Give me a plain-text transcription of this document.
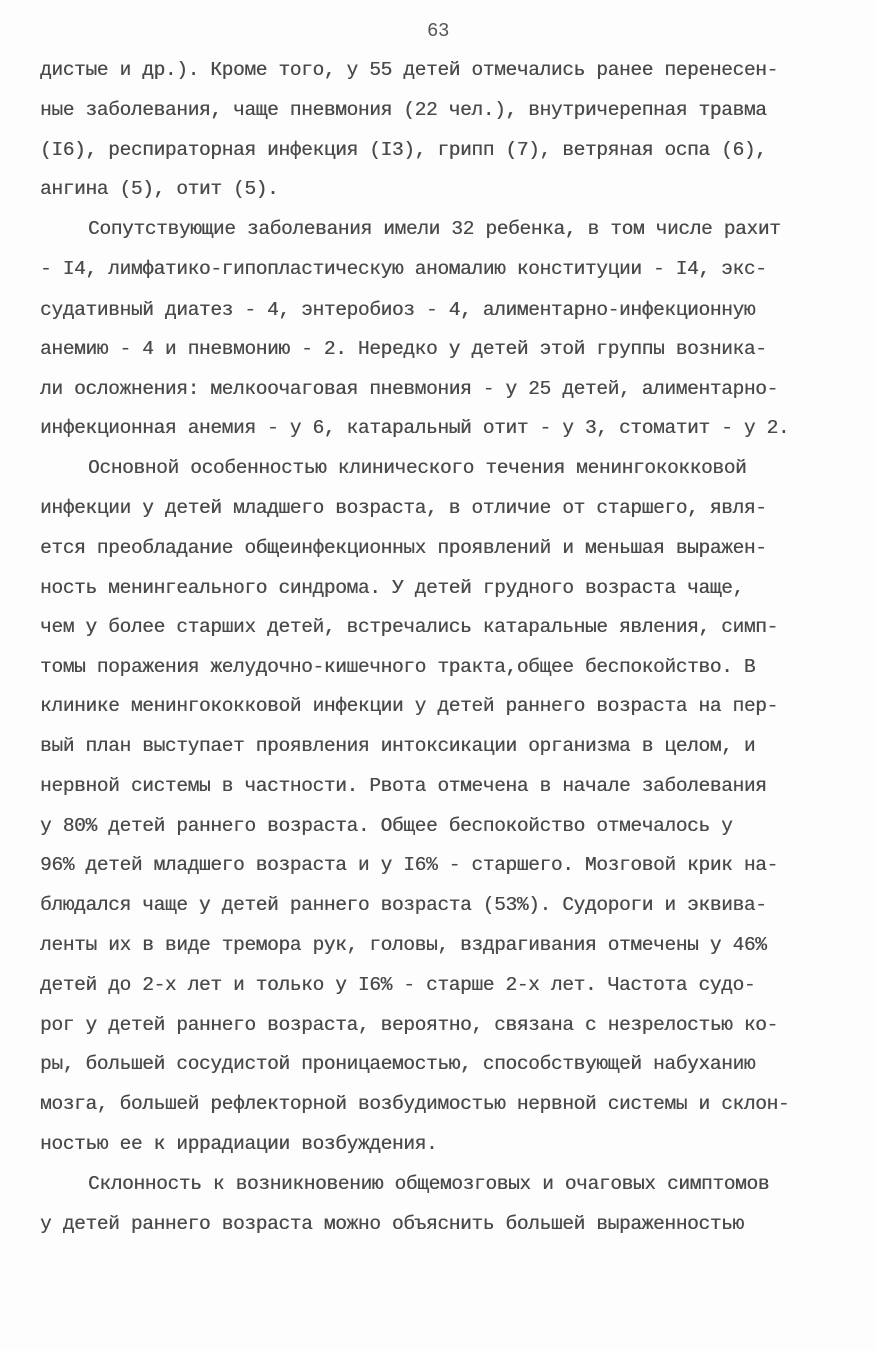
63
дистые и др.). Кроме того, у 55 детей отмечались ранее перенесен-
ные заболевания, чаще пневмония (22 чел.), внутричерепная травма
(I6), респираторная инфекция (I3), грипп (7), ветряная оспа (6),
ангина (5), отит (5).
Сопутствующие заболевания имели 32 ребенка, в том числе рахит
- I4, лимфатико-гипопластическую аномалию конституции - I4, экс-
судативный диатез - 4, энтеробиоз - 4, алиментарно-инфекционную
анемию - 4 и пневмонию - 2. Нередко у детей этой группы возника-
ли осложнения: мелкоочаговая пневмония - у 25 детей, алиментарно-
инфекционная анемия - у 6, катаральный отит - у 3, стоматит - у 2.
Основной особенностью клинического течения менингококковой
инфекции у детей младшего возраста, в отличие от старшего, явля-
ется преобладание общеинфекционных проявлений и меньшая выражен-
ность менингеального синдрома. У детей грудного возраста чаще,
чем у более старших детей, встречались катаральные явления, симп-
томы поражения желудочно-кишечного тракта,общее беспокойство. В
клинике менингококковой инфекции у детей раннего возраста на пер-
вый план выступает проявления интоксикации организма в целом, и
нервной системы в частности. Рвота отмечена в начале заболевания
у 80% детей раннего возраста. Общее беспокойство отмечалось у
96% детей младшего возраста и у I6% - старшего. Мозговой крик на-
блюдался чаще у детей раннего возраста (53%). Судороги и эквива-
ленты их в виде тремора рук, головы, вздрагивания отмечены у 46%
детей до 2-х лет и только у I6% - старше 2-х лет. Частота судо-
рог у детей раннего возраста, вероятно, связана с незрелостью ко-
ры, большей сосудистой проницаемостью, способствующей набуханию
мозга, большей рефлекторной возбудимостью нервной системы и склон-
ностью ее к иррадиации возбуждения.
Склонность к возникновению общемозговых и очаговых симптомов
у детей раннего возраста можно объяснить большей выраженностью
